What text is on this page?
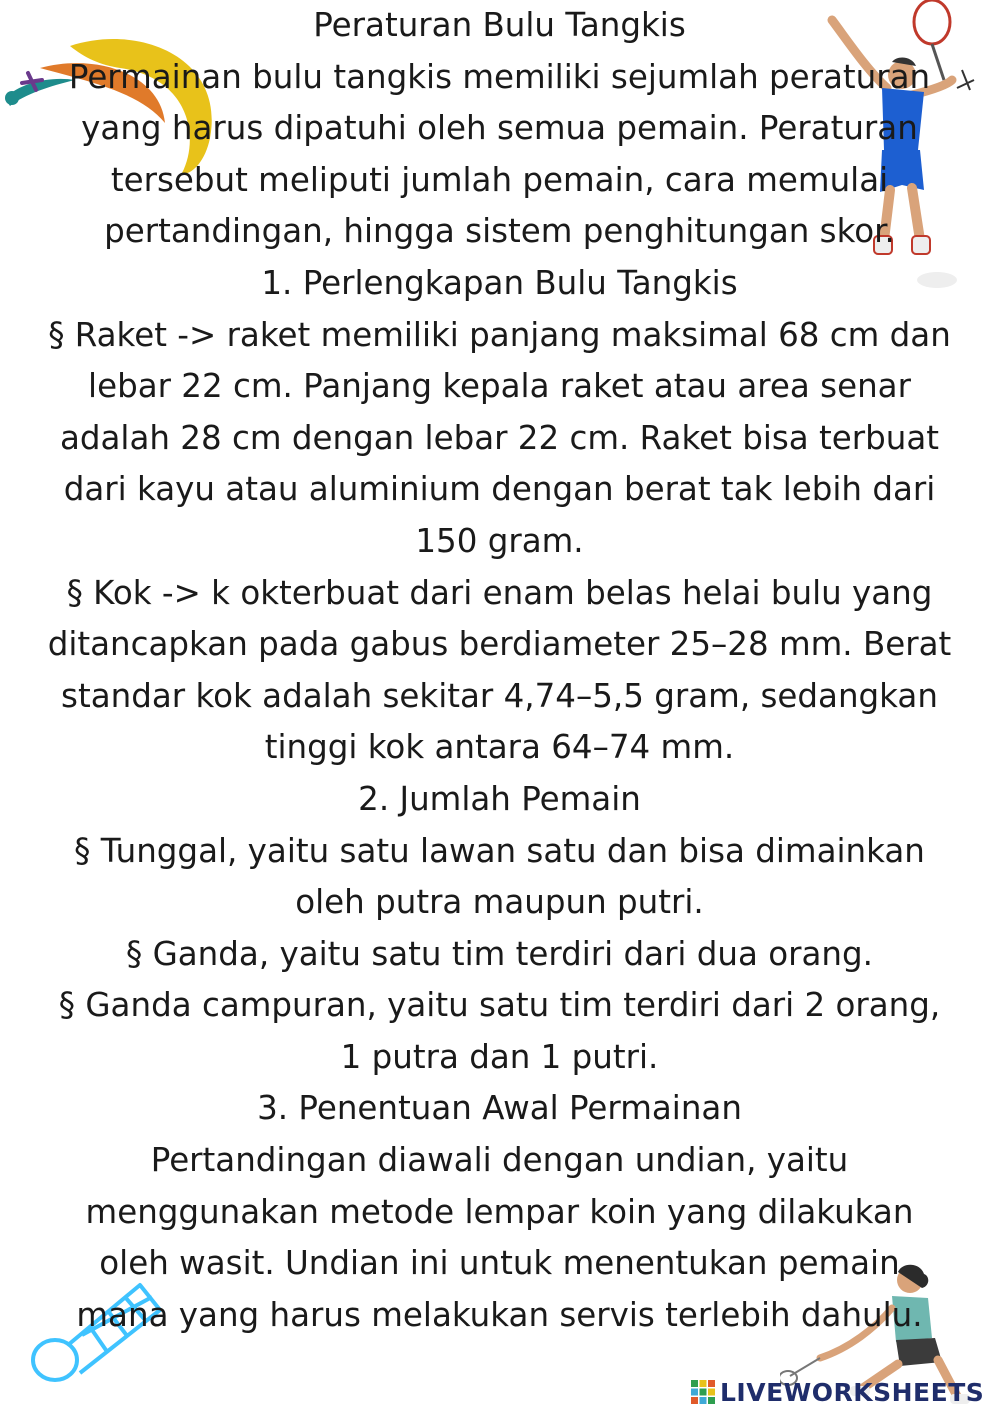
Peraturan Bulu Tangkis
Permainan bulu tangkis memiliki sejumlah peraturan
yang harus dipatuhi oleh semua pemain. Peraturan
tersebut meliputi jumlah pemain, cara memulai
pertandingan, hingga sistem penghitungan skor.
1. Perlengkapan Bulu Tangkis
§ Raket -> raket memiliki panjang maksimal 68 cm dan
lebar 22 cm. Panjang kepala raket atau area senar
adalah 28 cm dengan lebar 22 cm. Raket bisa terbuat
dari kayu atau aluminium dengan berat tak lebih dari
150 gram.
§ Kok -> k okterbuat dari enam belas helai bulu yang
ditancapkan pada gabus berdiameter 25–28 mm. Berat
standar kok adalah sekitar 4,74–5,5 gram, sedangkan
tinggi kok antara 64–74 mm.
2. Jumlah Pemain
§ Tunggal, yaitu satu lawan satu dan bisa dimainkan
oleh putra maupun putri.
§ Ganda, yaitu satu tim terdiri dari dua orang.
§ Ganda campuran, yaitu satu tim terdiri dari 2 orang,
1 putra dan 1 putri.
3. Penentuan Awal Permainan
Pertandingan diawali dengan undian, yaitu
menggunakan metode lempar koin yang dilakukan
oleh wasit. Undian ini untuk menentukan pemain
mana yang harus melakukan servis terlebih dahulu.
LIVEWORKSHEETS
